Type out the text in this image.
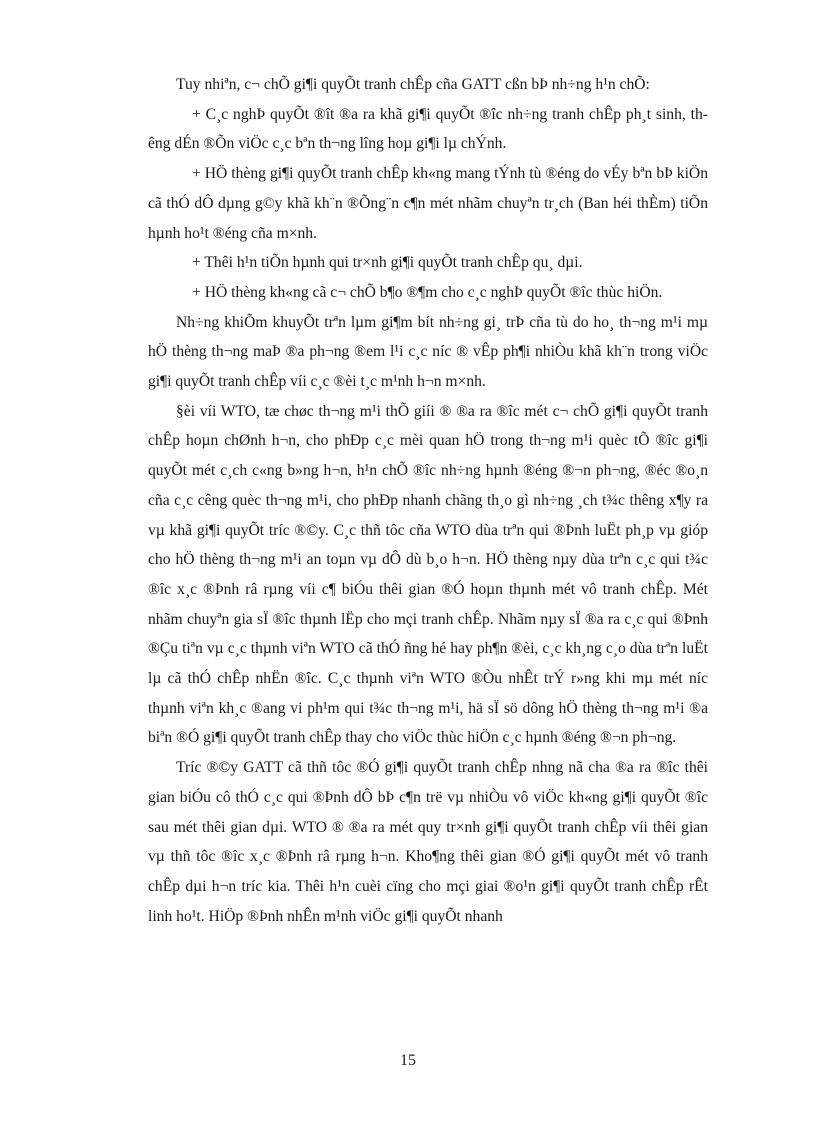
Tuy nhiªn, c¬ chÕ gi¶i quyÕt tranh chÊp cña GATT cßn bÞ nh÷ng h¹n chÕ:

+ C¸c nghÞ quyÕt ®ît ®a ra khã gi¶i quyÕt ®îc nh÷ng tranh chÊp ph¸t sinh, thêng dÉn ®Õn viÖc c¸c bªn th¬ng lîng hoµ gi¶i lµ chÝnh.

+ HÖ thèng gi¶i quyÕt tranh chÊp kh«ng mang tÝnh tù ®éng do vÉy bªn bÞ kiÖn cã thÓ dÔ dµng g©y khã kh¨n ®Õng¨n c¶n mét nhãm chuyªn tr¸ch (Ban héi thÈm) tiÕn hµnh ho¹t ®éng cña m×nh.

+ Thêi h¹n tiÕn hµnh qui tr×nh gi¶i quyÕt tranh chÊp qu¸ dµi.

+ HÖ thèng kh«ng cã c¬ chÕ b¶o ®¶m cho c¸c nghÞ quyÕt ®îc thùc hiÖn.

Nh÷ng khiÕm khuyÕt trªn lµm gi¶m bít nh÷ng gi¸ trÞ cña tù do ho¸ th¬ng m¹i mµ hÖ thèng th¬ng maÞ ®a ph¬ng ®em l¹i c¸c níc ® vÊp ph¶i nhiÒu khã kh¨n trong viÖc gi¶i quyÕt tranh chÊp víi c¸c ®èi t¸c m¹nh h¬n m×nh.

§èi víi WTO, tæ chøc th¬ng m¹i thÕ giíi ® ®a ra ®îc mét c¬ chÕ gi¶i quyÕt tranh chÊp hoµn chØnh h¬n, cho phÐp c¸c mèi quan hÖ trong th¬ng m¹i quèc tÕ ®îc gi¶i quyÕt mét c¸ch c«ng b»ng h¬n, h¹n chÕ ®îc nh÷ng hµnh ®éng ®¬n ph¬ng, ®éc ®o¸n cña c¸c cêng quèc th¬ng m¹i, cho phÐp nhanh chãng th¸o gì nh÷ng ¸ch t¾c thêng x¶y ra vµ khã gi¶i quyÕt tríc ®©y. C¸c thñ tôc cña WTO dùa trªn qui ®Þnh luËt ph¸p vµ gióp cho hÖ thèng th¬ng m¹i an toµn vµ dÔ dù b¸o h¬n. HÖ thèng nµy dùa trªn c¸c qui t¾c ®îc x¸c ®Þnh râ rµng víi c¶ biÓu thêi gian ®Ó hoµn thµnh mét vô tranh chÊp. Mét nhãm chuyªn gia sÏ ®îc thµnh lËp cho mçi tranh chÊp. Nhãm nµy sÏ ®a ra c¸c qui ®Þnh ®Çu tiªn vµ c¸c thµnh viªn WTO cã thÓ ñng hé hay ph¶n ®èi, c¸c kh¸ng c¸o dùa trªn luËt lµ cã thÓ chÊp nhËn ®îc. C¸c thµnh viªn WTO ®Òu nhÊt trÝ r»ng khi mµ mét níc thµnh viªn kh¸c ®ang vi ph¹m qui t¾c th¬ng m¹i, hä sÏ sö dông hÖ thèng th¬ng m¹i ®a biªn ®Ó gi¶i quyÕt tranh chÊp thay cho viÖc thùc hiÖn c¸c hµnh ®éng ®¬n ph¬ng.

Tríc ®©y GATT cã thñ tôc ®Ó gi¶i quyÕt tranh chÊp nhng nã cha ®a ra ®îc thêi gian biÓu cô thÓ c¸c qui ®Þnh dÔ bÞ c¶n trë vµ nhiÒu vô viÖc kh«ng gi¶i quyÕt ®îc sau mét thêi gian dµi. WTO ® ®a ra mét quy tr×nh gi¶i quyÕt tranh chÊp víi thêi gian vµ thñ tôc ®îc x¸c ®Þnh râ rµng h¬n. Kho¶ng thêi gian ®Ó gi¶i quyÕt mét vô tranh chÊp dµi h¬n tríc kia. Thêi h¹n cuèi cïng cho mçi giai ®o¹n gi¶i quyÕt tranh chÊp rÊt linh ho¹t. HiÖp ®Þnh nhÊn m¹nh viÖc gi¶i quyÕt nhanh

15
